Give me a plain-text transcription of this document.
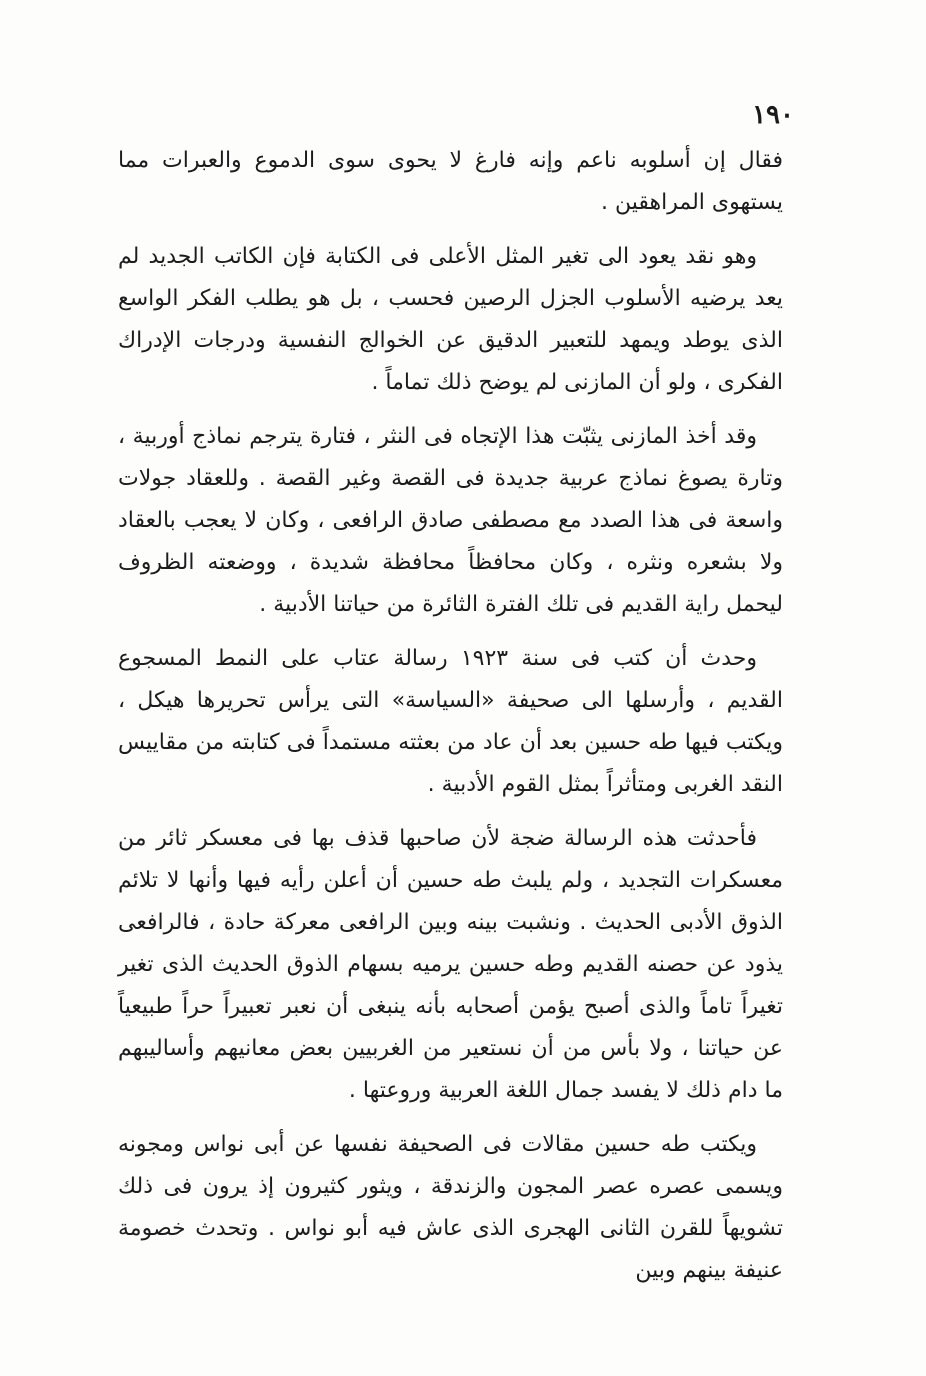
١٩٠

فقال إن أسلوبه ناعم وإنه فارغ لا يحوى سوى الدموع والعبرات مما يستهوى المراهقين .

وهو نقد يعود الى تغير المثل الأعلى فى الكتابة فإن الكاتب الجديد لم يعد يرضيه الأسلوب الجزل الرصين فحسب ، بل هو يطلب الفكر الواسع الذى يوطد ويمهد للتعبير الدقيق عن الخوالج النفسية ودرجات الإدراك الفكرى ، ولو أن المازنى لم يوضح ذلك تماماً .

وقد أخذ المازنى يثبّت هذا الإتجاه فى النثر ، فتارة يترجم نماذج أوربية ، وتارة يصوغ نماذج عربية جديدة فى القصة وغير القصة . وللعقاد جولات واسعة فى هذا الصدد مع مصطفى صادق الرافعى ، وكان لا يعجب بالعقاد ولا بشعره ونثره ، وكان محافظاً محافظة شديدة ، ووضعته الظروف ليحمل راية القديم فى تلك الفترة الثائرة من حياتنا الأدبية .

وحدث أن كتب فى سنة ١٩٢٣ رسالة عتاب على النمط المسجوع القديم ، وأرسلها الى صحيفة «السياسة» التى يرأس تحريرها هيكل ، ويكتب فيها طه حسين بعد أن عاد من بعثته مستمداً فى كتابته من مقاييس النقد الغربى ومتأثراً بمثل القوم الأدبية .

فأحدثت هذه الرسالة ضجة لأن صاحبها قذف بها فى معسكر ثائر من معسكرات التجديد ، ولم يلبث طه حسين أن أعلن رأيه فيها وأنها لا تلائم الذوق الأدبى الحديث . ونشبت بينه وبين الرافعى معركة حادة ، فالرافعى يذود عن حصنه القديم وطه حسين يرميه بسهام الذوق الحديث الذى تغير تغيراً تاماً والذى أصبح يؤمن أصحابه بأنه ينبغى أن نعبر تعبيراً حراً طبيعياً عن حياتنا ، ولا بأس من أن نستعير من الغربيين بعض معانيهم وأساليبهم ما دام ذلك لا يفسد جمال اللغة العربية وروعتها .

ويكتب طه حسين مقالات فى الصحيفة نفسها عن أبى نواس ومجونه ويسمى عصره عصر المجون والزندقة ، ويثور كثيرون إذ يرون فى ذلك تشويهاً للقرن الثانى الهجرى الذى عاش فيه أبو نواس . وتحدث خصومة عنيفة بينهم وبين
